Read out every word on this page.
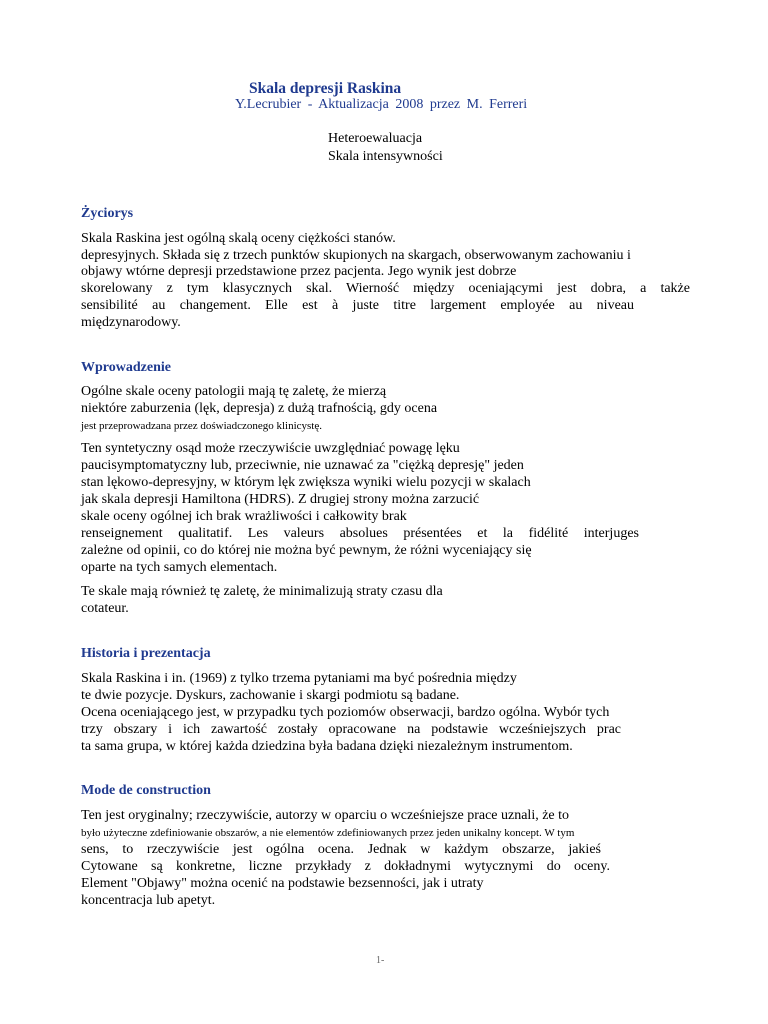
Skala depresji Raskina
Y.Lecrubier - Aktualizacja 2008 przez M. Ferreri
Heteroewaluacja
Skala intensywności
Życiorys
Skala Raskina jest ogólną skalą oceny ciężkości stanów.
depresyjnych. Składa się z trzech punktów skupionych na skargach, obserwowanym zachowaniu i
objawy wtórne depresji przedstawione przez pacjenta. Jego wynik jest dobrze
skorelowany z tym klasycznych skal. Wierność między oceniającymi jest dobra, a także
sensibilité au changement. Elle est à juste titre largement employée au niveau
międzynarodowy.
Wprowadzenie
Ogólne skale oceny patologii mają tę zaletę, że mierzą
niektóre zaburzenia (lęk, depresja) z dużą trafnością, gdy ocena
jest przeprowadzana przez doświadczonego klinicystę.
Ten syntetyczny osąd może rzeczywiście uwzględniać powagę lęku
paucisymptomatyczny lub, przeciwnie, nie uznawać za "ciężką depresję" jeden
stan lękowo-depresyjny, w którym lęk zwiększa wyniki wielu pozycji w skalach
jak skala depresji Hamiltona (HDRS). Z drugiej strony można zarzucić
skale oceny ogólnej ich brak wrażliwości i całkowity brak
renseignement qualitatif. Les valeurs absolues présentées et la fidélité interjuges
zależne od opinii, co do której nie można być pewnym, że różni wyceniający się
oparte na tych samych elementach.
Te skale mają również tę zaletę, że minimalizują straty czasu dla
cotateur.
Historia i prezentacja
Skala Raskina i in. (1969) z tylko trzema pytaniami ma być pośrednia między
te dwie pozycje. Dyskurs, zachowanie i skargi podmiotu są badane.
Ocena oceniającego jest, w przypadku tych poziomów obserwacji, bardzo ogólna. Wybór tych
trzy obszary i ich zawartość zostały opracowane na podstawie wcześniejszych prac
ta sama grupa, w której każda dziedzina była badana dzięki niezależnym instrumentom.
Mode de construction
Ten jest oryginalny; rzeczywiście, autorzy w oparciu o wcześniejsze prace uznali, że to
było użyteczne zdefiniowanie obszarów, a nie elementów zdefiniowanych przez jeden unikalny koncept. W tym
sens, to rzeczywiście jest ogólna ocena. Jednak w każdym obszarze, jakieś
Cytowane są konkretne, liczne przykłady z dokładnymi wytycznymi do oceny.
Element "Objawy" można ocenić na podstawie bezsenności, jak i utraty
koncentracja lub apetyt.
1-
